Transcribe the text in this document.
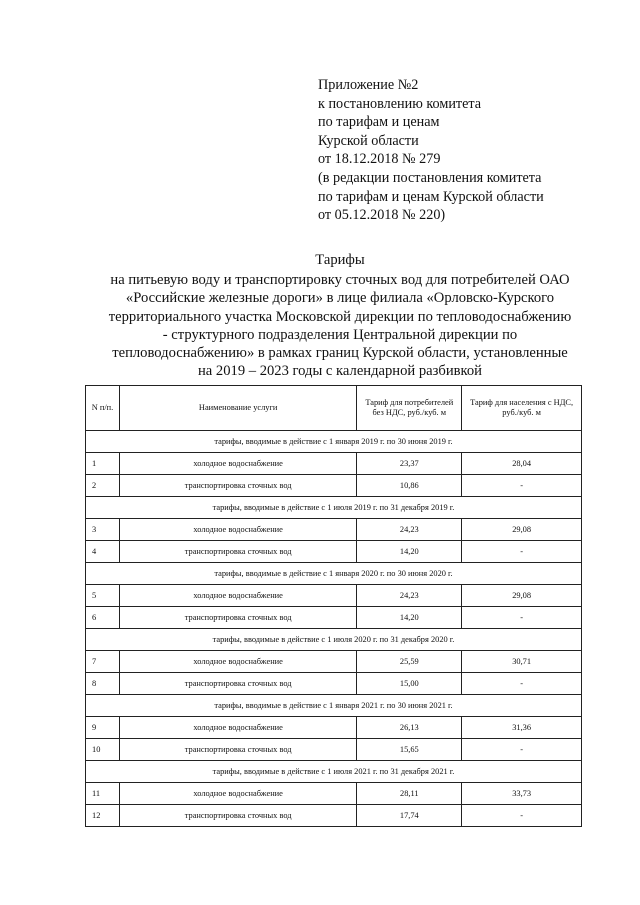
Приложение №2
к постановлению комитета
по тарифам и ценам
Курской области
от 18.12.2018 № 279
(в редакции постановления комитета
по тарифам и ценам Курской области
от 05.12.2018 № 220)
Тарифы
на питьевую воду и транспортировку сточных вод для потребителей ОАО
«Российские железные дороги» в лице филиала «Орловско-Курского
территориального участка Московской дирекции по тепловодоснабжению
- структурного подразделения Центральной дирекции по
тепловодоснабжению» в рамках границ Курской области, установленные
на 2019 – 2023 годы с календарной разбивкой
N п/п.	Наименование услуги	Тариф для потребителей без НДС, руб./куб. м	Тариф для населения с НДС, руб./куб. м
тарифы, вводимые в действие с 1 января 2019 г. по 30 июня 2019 г.			
1	холодное водоснабжение	23,37	28,04
2	транспортировка сточных вод	10,86	-
тарифы, вводимые в действие с 1 июля 2019 г. по 31 декабря 2019 г.			
3	холодное водоснабжение	24,23	29,08
4	транспортировка сточных вод	14,20	-
тарифы, вводимые в действие с 1 января 2020 г. по 30 июня 2020 г.			
5	холодное водоснабжение	24,23	29,08
6	транспортировка сточных вод	14,20	-
тарифы, вводимые в действие с 1 июля 2020 г. по 31 декабря 2020 г.			
7	холодное водоснабжение	25,59	30,71
8	транспортировка сточных вод	15,00	-
тарифы, вводимые в действие с 1 января 2021 г. по 30 июня 2021 г.			
9	холодное водоснабжение	26,13	31,36
10	транспортировка сточных вод	15,65	-
тарифы, вводимые в действие с 1 июля 2021 г. по 31 декабря 2021 г.			
11	холодное водоснабжение	28,11	33,73
12	транспортировка сточных вод	17,74	-
